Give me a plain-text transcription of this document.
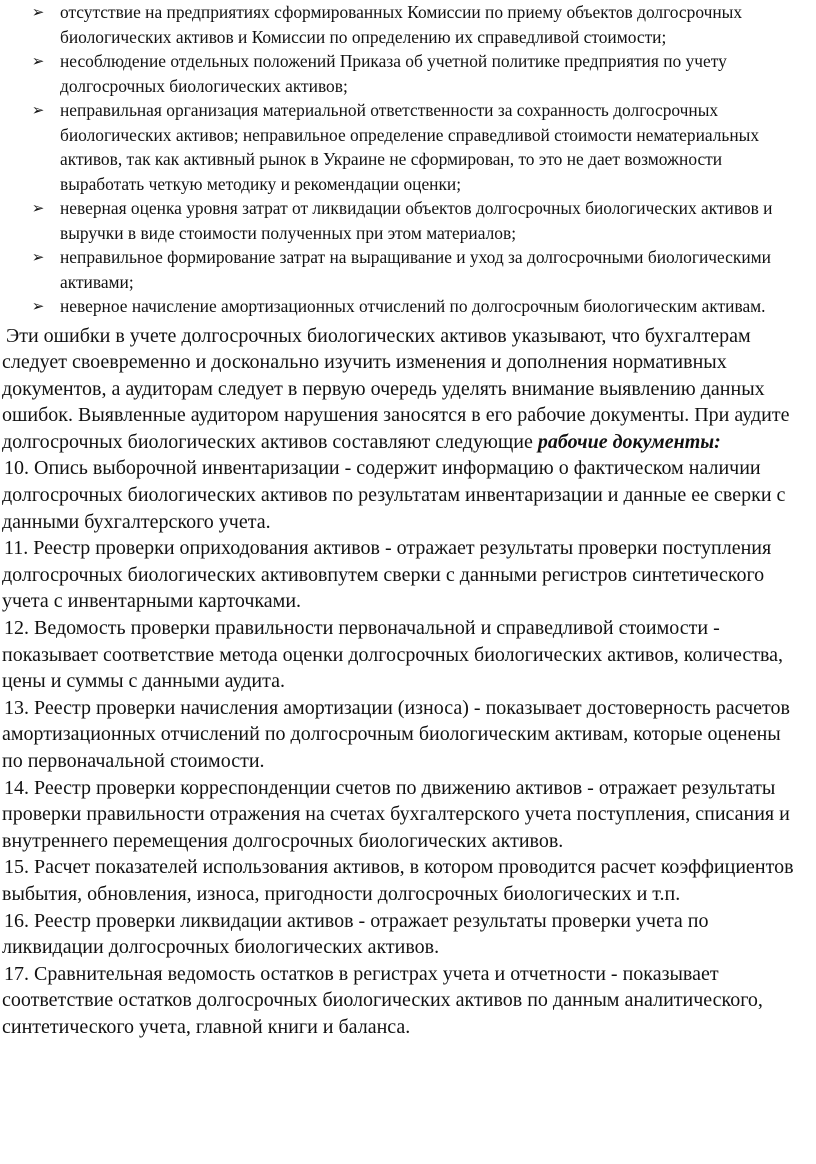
➢ отсутствие на предприятиях сформированных Комиссии по приему объектов долгосрочных биологических активов и Комиссии по определению их справедливой стоимости;
➢ несоблюдение отдельных положений Приказа об учетной политике предприятия по учету долгосрочных биологических активов;
➢ неправильная организация материальной ответственности за сохранность долгосрочных биологических активов; неправильное определение справедливой стоимости нематериальных активов, так как активный рынок в Украине не сформирован, то это не дает возможности выработать четкую методику и рекомендации оценки;
➢ неверная оценка уровня затрат от ликвидации объектов долгосрочных биологических активов и выручки в виде стоимости полученных при этом материалов;
➢ неправильное формирование затрат на выращивание и уход за долгосрочными биологическими активами;
➢ неверное начисление амортизационных отчислений по долгосрочным биологическим активам.

Эти ошибки в учете долгосрочных биологических активов указывают, что бухгалтерам следует своевременно и досконально изучить изменения и дополнения нормативных документов, а аудиторам следует в первую очередь уделять внимание выявлению данных ошибок. Выявленные аудитором нарушения заносятся в его рабочие документы. При аудите долгосрочных биологических активов составляют следующие рабочие документы:

10. Опись выборочной инвентаризации - содержит информацию о фактическом наличии долгосрочных биологических активов по результатам инвентаризации и данные ее сверки с данными бухгалтерского учета.

11. Реестр проверки оприходования активов - отражает результаты проверки поступления долгосрочных биологических активовпутем сверки с данными регистров синтетического учета с инвентарными карточками.

12. Ведомость проверки правильности первоначальной и справедливой стоимости - показывает соответствие метода оценки долгосрочных биологических активов, количества, цены и суммы с данными аудита.

13. Реестр проверки начисления амортизации (износа) - показывает достоверность расчетов амортизационных отчислений по долгосрочным биологическим активам, которые оценены по первоначальной стоимости.

14. Реестр проверки корреспонденции счетов по движению активов - отражает результаты проверки правильности отражения на счетах бухгалтерского учета поступления, списания и внутреннего перемещения долгосрочных биологических активов.

15. Расчет показателей использования активов, в котором проводится расчет коэффициентов выбытия, обновления, износа, пригодности долгосрочных биологических и т.п.

16. Реестр проверки ликвидации активов - отражает результаты проверки учета по ликвидации долгосрочных биологических активов.

17. Сравнительная ведомость остатков в регистрах учета и отчетности - показывает соответствие остатков долгосрочных биологических активов по данным аналитического, синтетического учета, главной книги и баланса.
